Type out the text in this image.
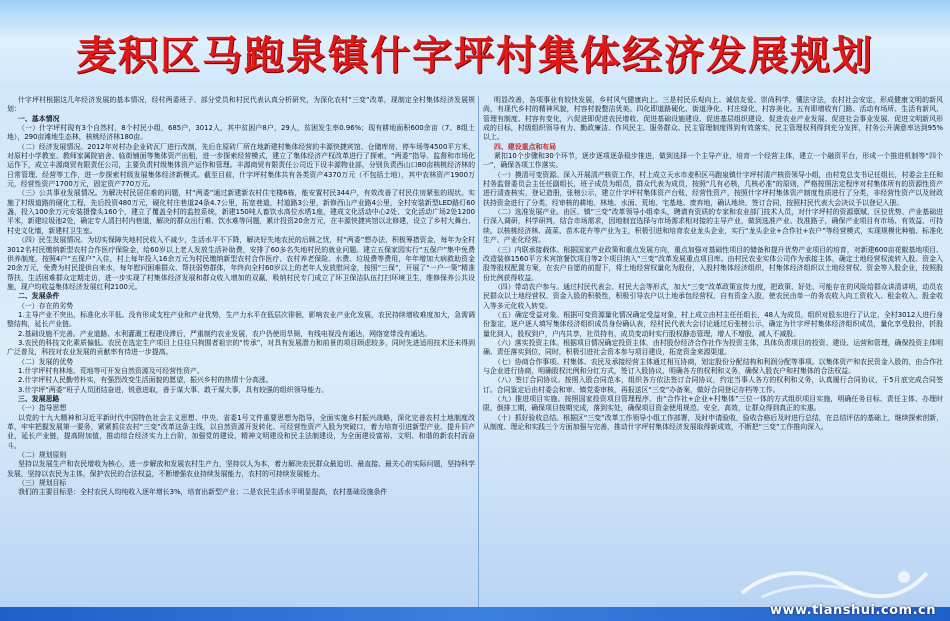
麦积区马跑泉镇什字坪村集体经济发展规划

什字坪村根据这几年经济发展的基本情况，经村两委班子、部分党员和村民代表认真分析研究，为深化农村“三变”改革，现制定全村集体经济发展规划：

一、基本情况

（一）什字坪村现有3个自然村，8个村民小组，685户，3012人，其中贫困户8户，29人，贫困发生率0.96%；现有耕地面积600余亩（7、8组土地），290亩滩地生态林，核桃经济林180亩。

（二）经济发展情况。2012年对村办企业砖瓦厂进行改制，先后在原砖厂所在地新建村集体经营的丰源快捷宾馆、仓储库房、停车场等4500平方米，对原村小学教室、教师家属院宿舍、临街铺面等集体资产出租，进一步探索经营模式，建立了集体经济产权改革进行了探索，“两委”指导、监督和市场化运作下，成立丰源商贸有限责任公司，主要负责村级集体资产运作和管理。丰源商贸有限责任公司近下设丰源物业部，分别负责西山口80亩核桃经济林的日常管理、经营等工作，进一步探索村级发展集体经济新模式。截至目前，什字坪村集体共有各类资产4370万元（不包括土地），其中农林资产1900万元，经营性资产1700万元，固定资产770万元。

（三）公共事业发展情况。为解决村民居住难的问题，村“两委”通过新建新农村住宅楼6栋，能安置村民344户，有效改善了村民住房紧张的现状。实施了村级道路的硬化工程，先后投资480万元，硬化村庄巷道24条4.7公里，拓宽巷道，村道路3公里，新修西山产业路4公里，全村安装新型LED路灯60盏，投入100余万元安装摄像头160个，建立了覆盖全村的监控系统，新建150吨人畜饮水高位水塔1座，建成文化活动中心2处、文化活动广场2处1200平米，新建垃圾池2处，确定专人清扫村内巷道，解决的群众出行难、饮水难等问题，累计投资20余万元，在丰源快捷宾馆以北修建，设立了乡村大舞台、村史文化墙，新建村卫生室。

（四）民生发展情况。为切实保障失地村民收入不减少，生活水平不下降，解决好失地农民的后顾之忧，村“两委”想办法，积极筹措资金，每年为全村3012名村民缴纳新型农村合作医疗保险金，给60岁以上老人发放生活补助费，安排了60多名失地村民的就业问题。建立五保家园实行“五保户”集中免费供养制度，按照4户“五保户”入住，村上每年投入16余万元为村民缴纳新型农村合作医疗、农村养老保险、水费、垃圾费等费用，年年增加大病救助资金20余万元，免费为村民提供自来水，每年慰问困难群众、帮扶弱势群体，年终向全村60岁以上的老年人发放慰问金，按照“三保”，开展了“一户一策”精准帮扶，生活困难群众定期走访，进一步实现了村集体经济发展和群众收入增加的双赢，吸纳村民专门成立了环卫保洁队伍打扫环境卫生，维修保养公共设施，现户均收益集体经济发展红利2100元。

二、发展条件

（一）存在的劣势

1.主导产业不突出，标准化水平低。没有形成支柱产业和产业优势，生产力水平在低层次徘徊，影响农业产业化发展，农民持续增收难度加大，急需调整结构，延长产业链。

2.基础设施不完善。产业道路、水利灌溉工程建设滞后，严重制约农业发展，农户仍使用旱厕，有线电视没有通达，网络宽带没有通达。

3.农民的科技文化素质偏低。农民在选定生产项目上往往只拘囿者祖宗的“传承”，对具有发展潜力和前景的项目顾虑较多，同时先进适用技术还未得到广泛普及，科技对农业发展的贡献率有待进一步提高。

（二）发展的优势

1.什字坪村有林地、荒地等可开发自然资源及可经营性资产。

2.什字坪村人民勤劳朴实，有强烈改变生活面貌的愿望，振兴乡村的热情十分高涨。

3.什字坪“两委”班子人员团结奋进，锐意进取，善于谋大事、敢干谋大事，具有较强的组织领导能力。

三、发展思路

（一）指导思想

以党的十九大精神和习近平新时代中国特色社会主义思想、中央、省委1号文件重要思想为指导，全面实施乡村振兴战略，深化完善农村土地制度改革，牢牢把握发展第一要务，紧紧抓住农村“三变”改革这条主线，以自然资源开发转化、可经营性资产入股为突破口，着力培育引进新型产业、提升旧产业，延长产业链，提高附加值，推动综合经济实力上台阶，加强党的建设，精神文明建设和民主法制建设，为全面建设富裕、文明、和谐的新农村而奋斗。

（二）规划原则

坚持以发展生产和农民增收为核心，进一步解放和发展农村生产力，坚持以人为本，着力解决农民群众最迫切、最直接、最关心的实际问题，坚持科学发展，坚持以农民为主体，保护农民的合法权益，不断增强农业持续发展能力，农村的可持续发展能力。

（三）规划目标

我们的主要目标是：全村农民人均纯收入逐年增长3%，培育出新型产业；二是农民生活水平明显提高，农村基础设施条件

明显改善，各项事业有较快发展，乡村风气健康向上。三是村民乐观向上、诚信友爱、崇尚科学，懂法守法，农村社会安定，形成健康文明的新风尚，有现代乡村的精神风貌，村容村貌整洁优美。四化即道路硬化、街道净化、村庄绿化、村容美化。五有即增收有门路、活动有场所、生活有新风、管理有制度、村容有变化，六促进即促进农民增收、促进基础设施建设、促进基层组织建设、促进农业产业发展、促进社会事业发展、促进文明新风形成的目标，村级组织领导有力、勤政廉洁、作风民主、服务群众。民主管理制度得到有效落实，民主管理权利得到充分发挥，村务公开满意率达到95%以上。

四、建设重点和布局

紧扣10个步骤和30个环节，逐步逐项逐条稳步推进，做到选择一个主导产业，培育一个经营主体，建立一个融资平台，形成一个推进机制等“四个一”，确保各项工作落实。

（一）摸清可变资源。深入开展清产核资工作，村上成立天水市麦积区马跑泉镇什字坪村清产核资领导小组，由村党总支书记任组长，村委会主任和村务监督委员会主任任副组长，班子成员为组员，群众代表为成员，按照“几有必核，几核必准”的原则，严格按照法定程序对村集体所有的资源性资产进行清查核实，登记造册，张榜公示，建立什字坪村集体资产台账，经营性资产，按照什字坪村集体资产制度性质进行了分类，非经营性资产以及财政扶持资金进行了分类，经审核的耕地、林地、水面、荒地、宅基地、废弃地，确认地块、签订合同，按照村民代表大会决议予以登记入册。

（二）选准发展产业。由区、镇“三变”改革领导小组牵头，聘请有资质的专家和农业部门技术人员，对什字坪村的资源禀赋、区位优势、产业基础进行深入调研，科学研判，结合市场需求，因地制宜选择与市场需求相对接的主导产业，做到选准产业、找准路子，确保产业项目有市场、有效益、可持续。以核桃经济林、蔬菜、苗木花卉等产业为主，积极引进和培育农业龙头企业，实行“龙头企业+合作社+农户”等经营模式，实现规模化种植、标准化生产、产业化经营。

（三）内联承接载体。根据国家产业政策和重点发展方向，重点加强对基础性项目的储备和提升优势产业项目的培育，对新建600亩花椒基地项目、改造装修1560平方米宾馆餐饮项目等2个项目纳入“三变”改革发展重点项目库。由村民农业实体公司作为承接主体，确定土地经营权流转入股、资金入股等股权配置方案，在农户自愿的前提下，将土地经营权量化为股份，入股村集体经济组织，村集体经济组织以土地经营权、资金等入股企业，按照股份比例获得收益。

（四）带动农户参与。通过村民代表会、村民大会等形式，加大“三变”改革政策宣传力度，把政策、好处、可能存在的风险给群众讲清讲明，动员农民群众以土地经营权、资金入股的积极性，积极引导农户以土地承包经营权、自有资金入股，使农民由单一的务农收入向工资收入、租金收入、股金收入等多元化收入转变。

（五）确定受益对象。根据可变资源量化情况确定受益对象，村上成立由村主任任组长，48人为成员，组织对股东进行了认定，全村3012人进行身份鉴定，逐户逐人填写集体经济组织成员身份确认表，经村民代表大会讨论通过后张榜公示，确定为什字坪村集体经济组织成员，量化享受股份，折股量化到人，股权到户，户内共享，社员持有，成员变动时实行股权静态管理，增人不增股，减人不减股。

（六）落实投资主体。根据项目情况确定投资主体，由村股份经济合作社作为投资主体，具体负责项目的投资、建设、运营和管理，确保投资主体明确、责任落实到位，同时，积极引进社会资本参与项目建设，拓宽资金来源渠道。

（七）协商合作事项。村集体、农民及承接经营主体通过相互协商，划定股份分配结构和利润分配等事项。以集体资产和农民资金入股的，由合作社与企业进行协商，明确股权比例和分红方式，签订入股协议，明确各方的权利和义务，确保入股农户和村集体的合法权益。

（八）签订合同协议。按照入股合同范本，组织各方依法签订合同协议，约定当事人各方的权利和义务，认真履行合同协议，于5月底完成合同签订。合同鉴定后由村委会和审、镇党委审核，再报送区“三变”办备案，做好合同登记存档等工作。

（九）推进项目实施。按照国家投资项目管理程序，由“合作社+企业+村集体”三位一体的方式组织项目实施，明确任务目标、责任主体、办理时限，倒排工期，确保项目按期完成，落到实处，确保项目资金使用规范、安全、高效，让群众得到真正的实惠。

（十）抓好验收总结。根据区“三变”改革工作领导小组工作部署，及时申请验收，验收合格后及时进行总结，在总结评估的基础上，继续探索创新，从制度、理论和实践三个方面加强与完善，推动什字坪村集体经济发展取得新成效，不断把“三变”工作推向深入。

www.tianshui.com.cn
